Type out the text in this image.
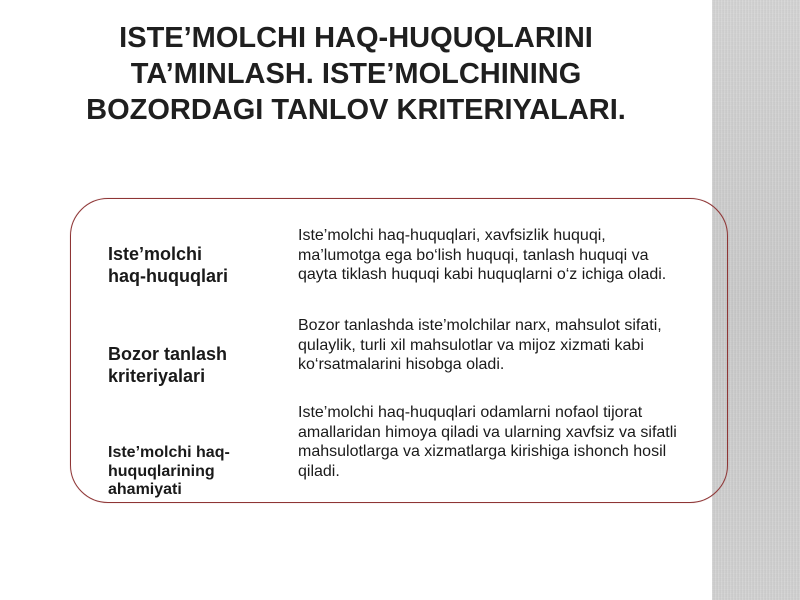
ISTE’MOLCHI HAQ-HUQUQLARINI
TA’MINLASH. ISTE’MOLCHINING
BOZORDAGI TANLOV KRITERIYALARI.
Iste’molchi
haq-huquqlari
Iste’molchi haq-huquqlari, xavfsizlik huquqi,
ma’lumotga ega bo‘lish huquqi, tanlash huquqi va
qayta tiklash huquqi kabi huquqlarni o‘z ichiga oladi.
Bozor tanlash
kriteriyalari
Bozor tanlashda iste’molchilar narx, mahsulot sifati,
qulaylik, turli xil mahsulotlar va mijoz xizmati kabi
ko‘rsatmalarini hisobga oladi.
Iste’molchi haq-
huquqlarining
ahamiyati
Iste’molchi haq-huquqlari odamlarni nofaol tijorat
amallaridan himoya qiladi va ularning xavfsiz va sifatli
mahsulotlarga va xizmatlarga kirishiga ishonch hosil
qiladi.
